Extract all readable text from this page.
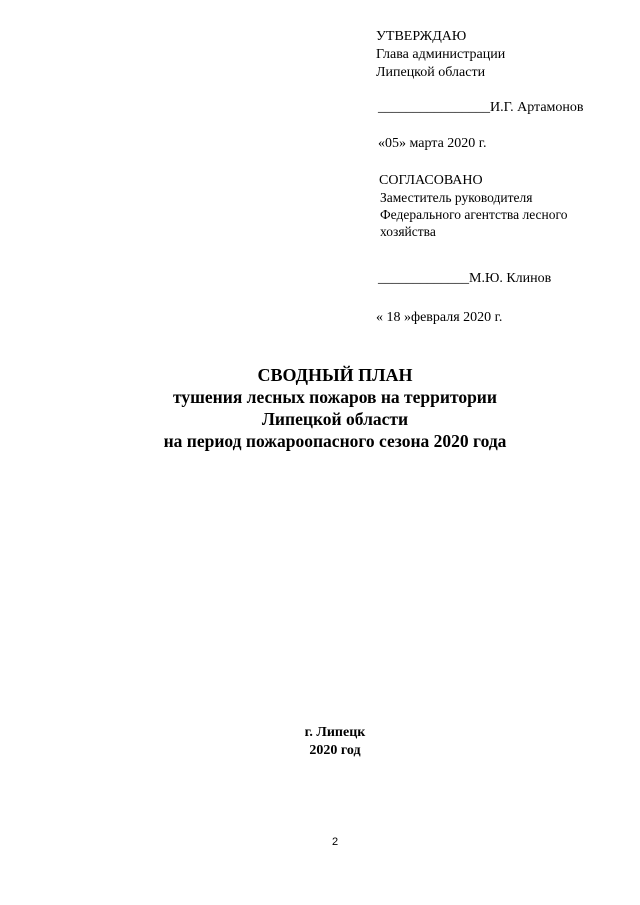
УТВЕРЖДАЮ
Глава администрации
Липецкой области
________________И.Г. Артамонов
«05» марта 2020 г.
СОГЛАСОВАНО
Заместитель руководителя
Федерального агентства лесного
хозяйства
_____________М.Ю. Клинов
« 18 »февраля 2020 г.
СВОДНЫЙ ПЛАН
тушения лесных пожаров на территории
Липецкой области
на период пожароопасного сезона 2020 года
г. Липецк
2020 год
2
